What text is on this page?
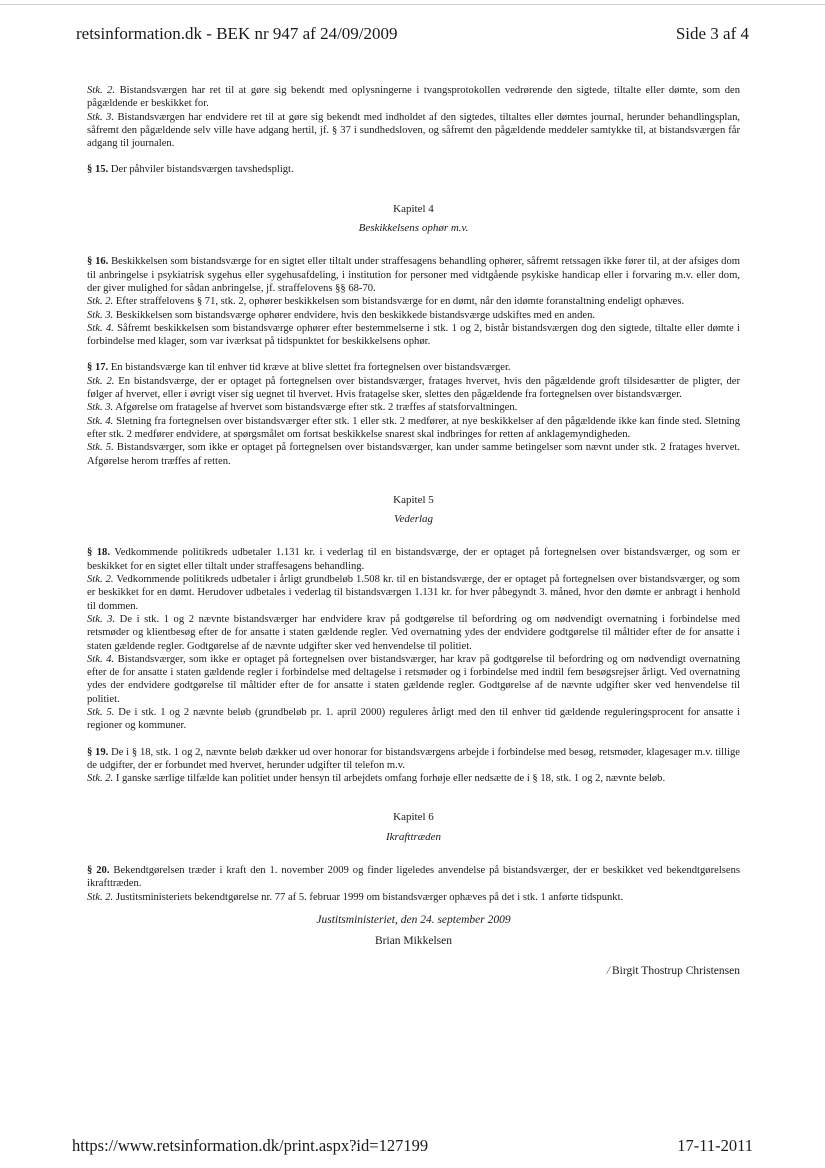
retsinformation.dk - BEK nr 947 af 24/09/2009	Side 3 af 4

Stk. 2. Bistandsværgen har ret til at gøre sig bekendt med oplysningerne i tvangsprotokollen vedrørende den sigtede, tiltalte eller dømte, som den pågældende er beskikket for.

Stk. 3. Bistandsværgen har endvidere ret til at gøre sig bekendt med indholdet af den sigtedes, tiltaltes eller dømtes journal, herunder behandlingsplan, såfremt den pågældende selv ville have adgang hertil, jf. § 37 i sundhedsloven, og såfremt den pågældende meddeler samtykke til, at bistandsværgen får adgang til journalen.

§ 15. Der påhviler bistandsværgen tavshedspligt.

Kapitel 4

Beskikkelsens ophør m.v.

§ 16. Beskikkelsen som bistandsværge for en sigtet eller tiltalt under straffesagens behandling ophører, såfremt retssagen ikke fører til, at der afsiges dom til anbringelse i psykiatrisk sygehus eller sygehusafdeling, i institution for personer med vidtgående psykiske handicap eller i forvaring m.v. eller dom, der giver mulighed for sådan anbringelse, jf. straffelovens §§ 68-70.

Stk. 2. Efter straffelovens § 71, stk. 2, ophører beskikkelsen som bistandsværge for en dømt, når den idømte foranstaltning endeligt ophæves.

Stk. 3. Beskikkelsen som bistandsværge ophører endvidere, hvis den beskikkede bistandsværge udskiftes med en anden.

Stk. 4. Såfremt beskikkelsen som bistandsværge ophører efter bestemmelserne i stk. 1 og 2, bistår bistandsværgen dog den sigtede, tiltalte eller dømte i forbindelse med klager, som var iværksat på tidspunktet for beskikkelsens ophør.

§ 17. En bistandsværge kan til enhver tid kræve at blive slettet fra fortegnelsen over bistandsværger.

Stk. 2. En bistandsværge, der er optaget på fortegnelsen over bistandsværger, fratages hvervet, hvis den pågældende groft tilsidesætter de pligter, der følger af hvervet, eller i øvrigt viser sig uegnet til hvervet. Hvis fratagelse sker, slettes den pågældende fra fortegnelsen over bistandsværger.

Stk. 3. Afgørelse om fratagelse af hvervet som bistandsværge efter stk. 2 træffes af statsforvaltningen.

Stk. 4. Sletning fra fortegnelsen over bistandsværger efter stk. 1 eller stk. 2 medfører, at nye beskikkelser af den pågældende ikke kan finde sted. Sletning efter stk. 2 medfører endvidere, at spørgsmålet om fortsat beskikkelse snarest skal indbringes for retten af anklagemyndigheden.

Stk. 5. Bistandsværger, som ikke er optaget på fortegnelsen over bistandsværger, kan under samme betingelser som nævnt under stk. 2 fratages hvervet. Afgørelse herom træffes af retten.

Kapitel 5

Vederlag

§ 18. Vedkommende politikreds udbetaler 1.131 kr. i vederlag til en bistandsværge, der er optaget på fortegnelsen over bistandsværger, og som er beskikket for en sigtet eller tiltalt under straffesagens behandling.

Stk. 2. Vedkommende politikreds udbetaler i årligt grundbeløb 1.508 kr. til en bistandsværge, der er optaget på fortegnelsen over bistandsværger, og som er beskikket for en dømt. Herudover udbetales i vederlag til bistandsværgen 1.131 kr. for hver påbegyndt 3. måned, hvor den dømte er anbragt i henhold til dommen.

Stk. 3. De i stk. 1 og 2 nævnte bistandsværger har endvidere krav på godtgørelse til befordring og om nødvendigt overnatning i forbindelse med retsmøder og klientbesøg efter de for ansatte i staten gældende regler. Ved overnatning ydes der endvidere godtgørelse til måltider efter de for ansatte i staten gældende regler. Godtgørelse af de nævnte udgifter sker ved henvendelse til politiet.

Stk. 4. Bistandsværger, som ikke er optaget på fortegnelsen over bistandsværger, har krav på godtgørelse til befordring og om nødvendigt overnatning efter de for ansatte i staten gældende regler i forbindelse med deltagelse i retsmøder og i forbindelse med indtil fem besøgsrejser årligt. Ved overnatning ydes der endvidere godtgørelse til måltider efter de for ansatte i staten gældende regler. Godtgørelse af de nævnte udgifter sker ved henvendelse til politiet.

Stk. 5. De i stk. 1 og 2 nævnte beløb (grundbeløb pr. 1. april 2000) reguleres årligt med den til enhver tid gældende reguleringsprocent for ansatte i regioner og kommuner.

§ 19. De i § 18, stk. 1 og 2, nævnte beløb dækker ud over honorar for bistandsværgens arbejde i forbindelse med besøg, retsmøder, klagesager m.v. tillige de udgifter, der er forbundet med hvervet, herunder udgifter til telefon m.v.

Stk. 2. I ganske særlige tilfælde kan politiet under hensyn til arbejdets omfang forhøje eller nedsætte de i § 18, stk. 1 og 2, nævnte beløb.

Kapitel 6

Ikrafttræden

§ 20. Bekendtgørelsen træder i kraft den 1. november 2009 og finder ligeledes anvendelse på bistandsværger, der er beskikket ved bekendtgørelsens ikrafttræden.

Stk. 2. Justitsministeriets bekendtgørelse nr. 77 af 5. februar 1999 om bistandsværger ophæves på det i stk. 1 anførte tidspunkt.

Justitsministeriet, den 24. september 2009

Brian Mikkelsen

/ Birgit Thostrup Christensen

https://www.retsinformation.dk/print.aspx?id=127199	17-11-2011
